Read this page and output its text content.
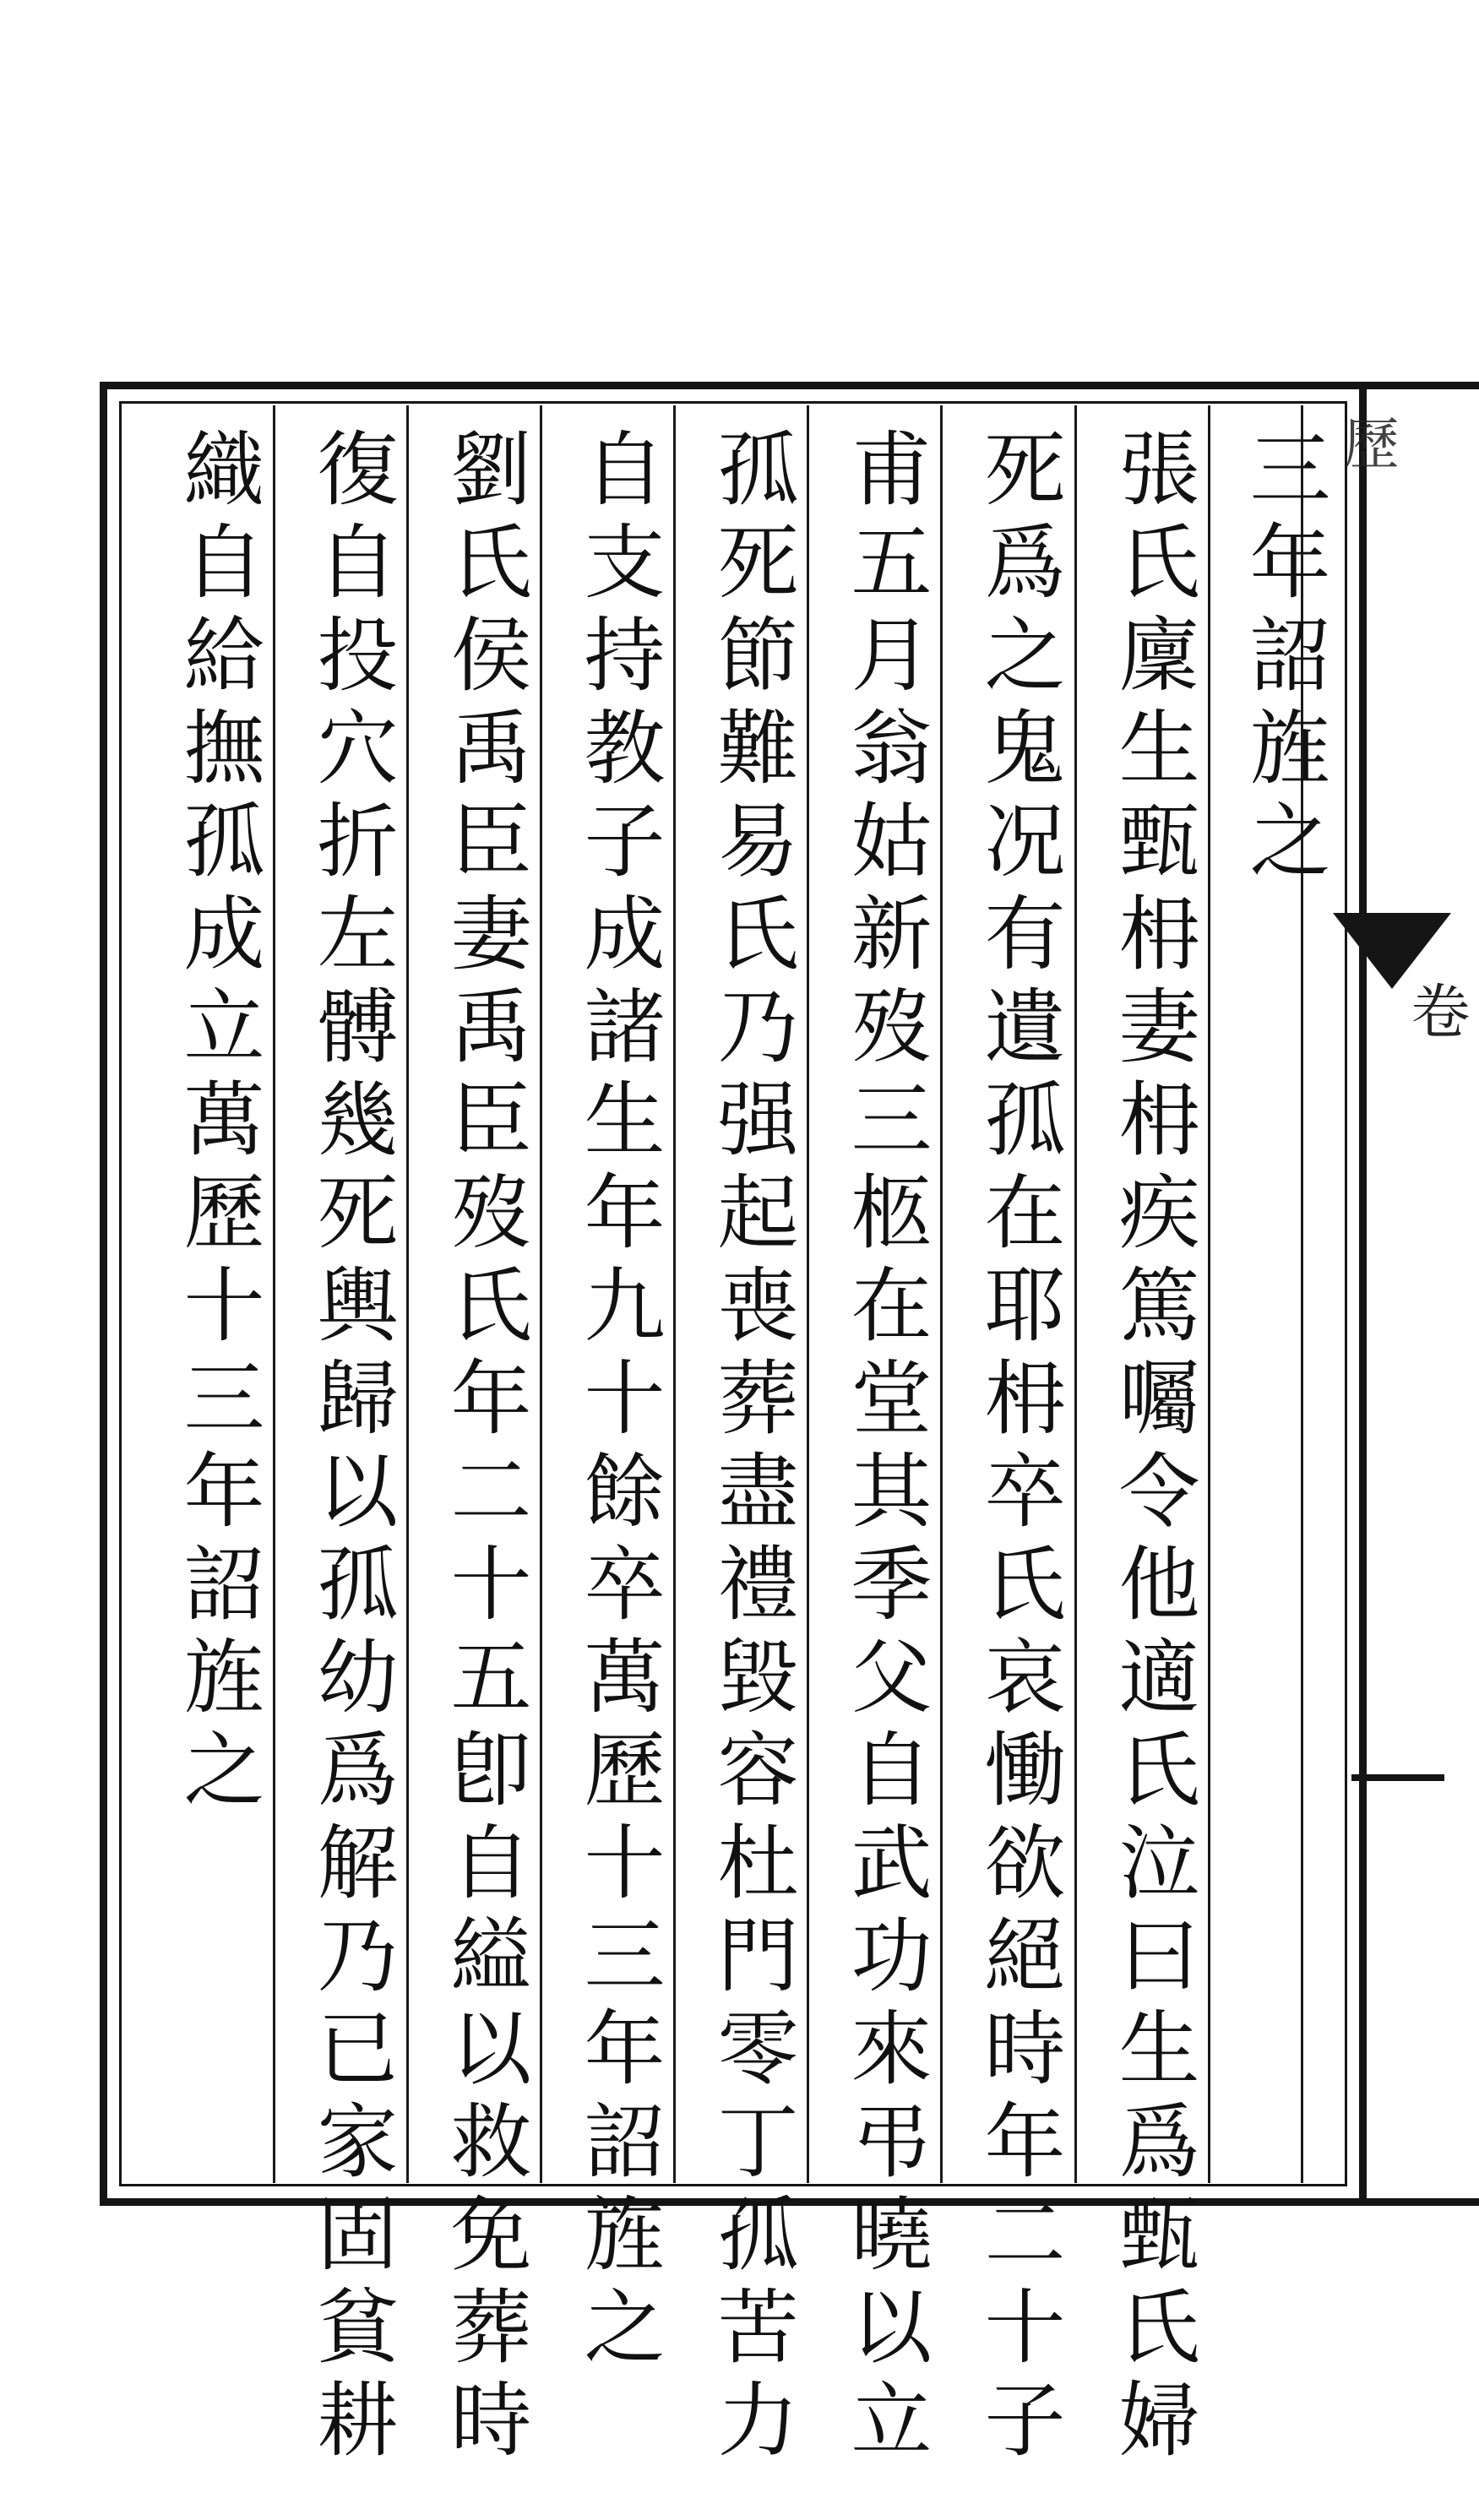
歷
卷
三年詔旌之
張氏廩生甄枏妻枏疾篤囑令他適氏泣曰生爲甄氏婦
死爲之鬼况有遺孤在耶枏卒氏哀慟欲絕時年二十子
甫五月翁姑新歿三柩在堂其季父自武功來弔曉以立
孤死節難易氏乃强起喪葬盡禮毀容杜門零丁孤苦力
自支持教子成諸生年九十餘卒萬歷十三年詔旌之
劉氏侯禹臣妻禹臣歿氏年二十五卽自縊以救免葬時
復自投穴折左髆幾死輿歸以孤幼爲解乃已家固貧耕
織自給撫孤成立萬歷十三年詔旌之
